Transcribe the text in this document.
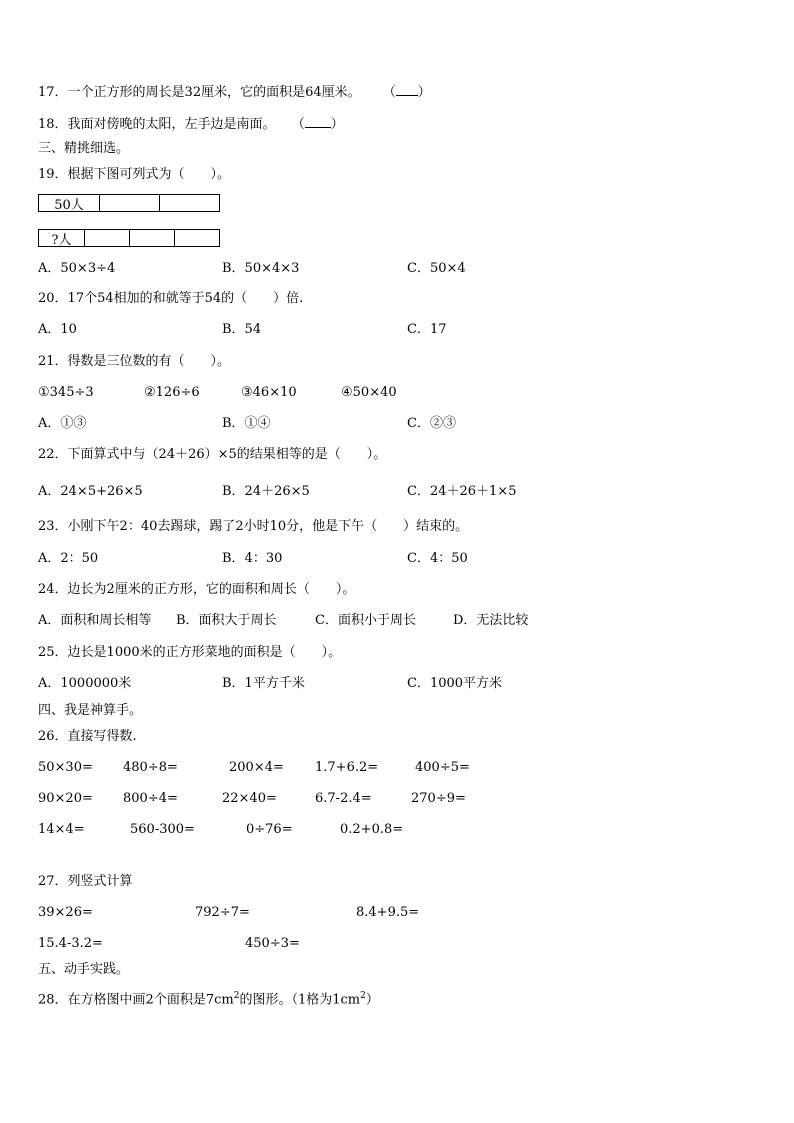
17．一个正方形的周长是32厘米，它的面积是64厘米。 （ ）
18．我面对傍晚的太阳，左手边是南面。 （ ）
三、精挑细选。
19．根据下图可列式为（　　）。
50人
?人
A．50×3÷4	B．50×4×3	C．50×4
20．17个54相加的和就等于54的（　　）倍.
A．10	B．54	C．17
21．得数是三位数的有（　　）。
①345÷3	②126÷6	③46×10	④50×40
A．①③	B．①④	C．②③
22．下面算式中与（24＋26）×5的结果相等的是（　　）。
A．24×5+26×5	B．24＋26×5	C．24＋26＋1×5
23．小刚下午2：40去踢球，踢了2小时10分，他是下午（　　）结束的。
A．2：50	B．4：30	C．4：50
24．边长为2厘米的正方形，它的面积和周长（　　）。
A．面积和周长相等 B．面积大于周长	C．面积小于周长	D．无法比较
25．边长是1000米的正方形菜地的面积是（　　）。
A．1000000米	B．1平方千米	C．1000平方米
四、我是神算手。
26．直接写得数.
50×30= 480÷8=	200×4= 1.7+6.2=	400÷5=
90×20= 800÷4=	22×40=	6.7-2.4=	270÷9=
14×4=	560-300=	0÷76=	0.2+0.8=
27．列竖式计算
39×26=	792÷7=	8.4+9.5=
15.4-3.2=	450÷3=
五、动手实践。
28．在方格图中画2个面积是$7cm^2$的图形。（1格为$1cm^2$）
